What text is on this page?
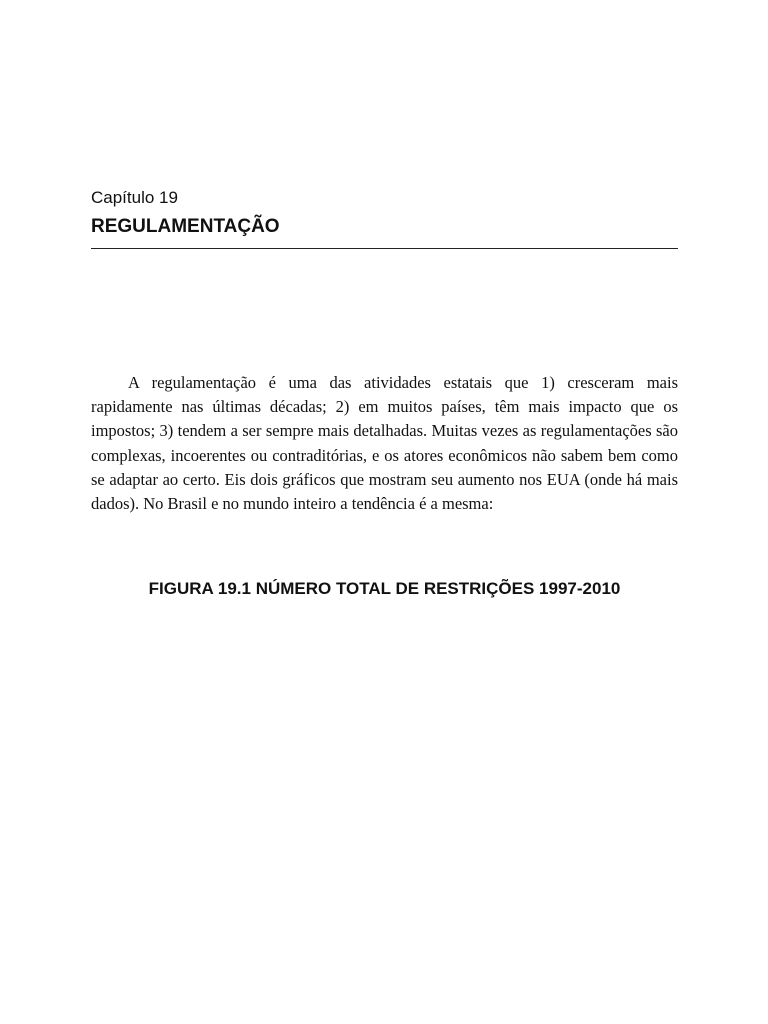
Capítulo 19
REGULAMENTAÇÃO

A regulamentação é uma das atividades estatais que 1) cresceram mais rapidamente nas últimas décadas; 2) em muitos países, têm mais impacto que os impostos; 3) tendem a ser sempre mais detalhadas. Muitas vezes as regulamentações são complexas, incoerentes ou contraditórias, e os atores econômicos não sabem bem como se adaptar ao certo. Eis dois gráficos que mostram seu aumento nos EUA (onde há mais dados). No Brasil e no mundo inteiro a tendência é a mesma:

FIGURA 19.1 NÚMERO TOTAL DE RESTRIÇÕES 1997-2010
